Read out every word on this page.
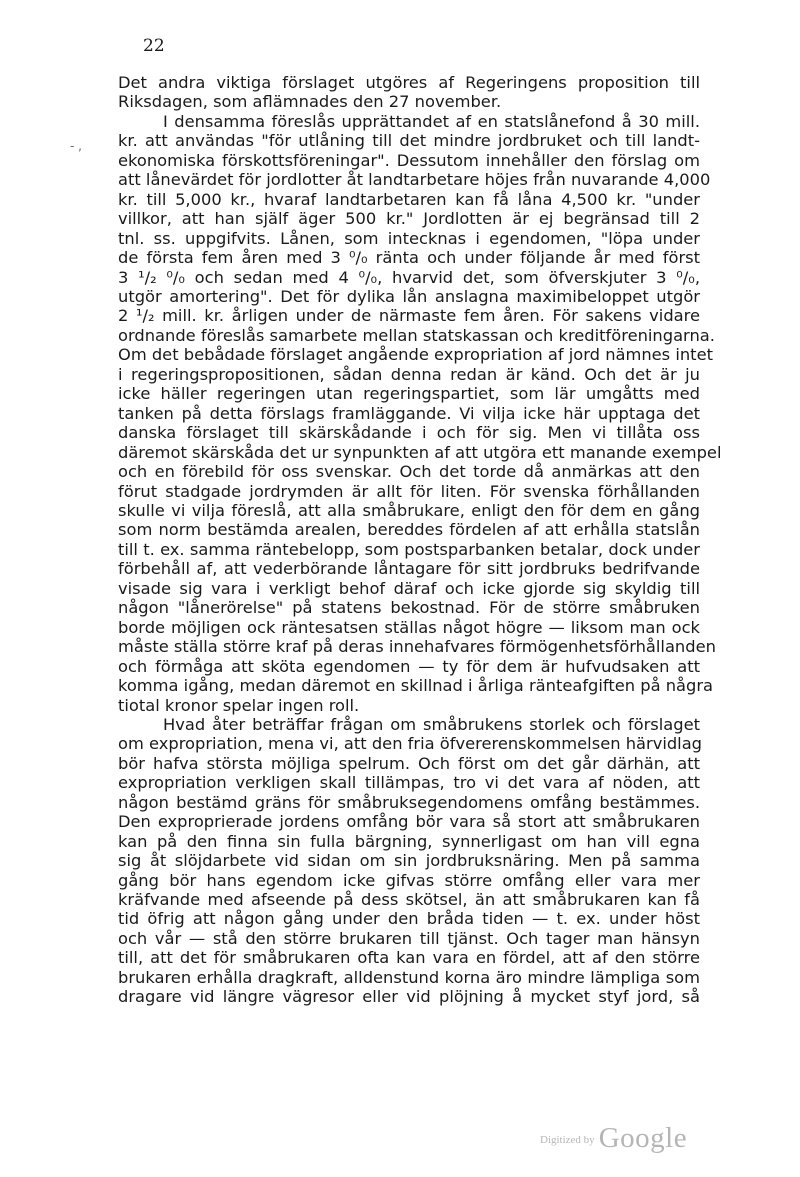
22
- ,
Det andra viktiga förslaget utgöres af Regeringens proposition till
Riksdagen, som aflämnades den 27 november.
I densamma föreslås upprättandet af en statslånefond å 30 mill.
kr. att användas "för utlåning till det mindre jordbruket och till landt-
ekonomiska förskottsföreningar". Dessutom innehåller den förslag om
att lånevärdet för jordlotter åt landtarbetare höjes från nuvarande 4,000
kr. till 5,000 kr., hvaraf landtarbetaren kan få låna 4,500 kr. "under
villkor, att han själf äger 500 kr." Jordlotten är ej begränsad till 2
tnl. ss. uppgifvits. Lånen, som intecknas i egendomen, "löpa under
de första fem åren med 3 ⁰/₀ ränta och under följande år med först
3 ¹/₂ ⁰/₀ och sedan med 4 ⁰/₀, hvarvid det, som öfverskjuter 3 ⁰/₀,
utgör amortering". Det för dylika lån anslagna maximibeloppet utgör
2 ¹/₂ mill. kr. årligen under de närmaste fem åren. För sakens vidare
ordnande föreslås samarbete mellan statskassan och kreditföreningarna.
Om det bebådade förslaget angående expropriation af jord nämnes intet
i regeringspropositionen, sådan denna redan är känd. Och det är ju
icke häller regeringen utan regeringspartiet, som lär umgåtts med
tanken på detta förslags framläggande. Vi vilja icke här upptaga det
danska förslaget till skärskådande i och för sig. Men vi tillåta oss
däremot skärskåda det ur synpunkten af att utgöra ett manande exempel
och en förebild för oss svenskar. Och det torde då anmärkas att den
förut stadgade jordrymden är allt för liten. För svenska förhållanden
skulle vi vilja föreslå, att alla småbrukare, enligt den för dem en gång
som norm bestämda arealen, bereddes fördelen af att erhålla statslån
till t. ex. samma räntebelopp, som postsparbanken betalar, dock under
förbehåll af, att vederbörande låntagare för sitt jordbruks bedrifvande
visade sig vara i verkligt behof däraf och icke gjorde sig skyldig till
någon "lånerörelse" på statens bekostnad. För de större småbruken
borde möjligen ock räntesatsen ställas något högre — liksom man ock
måste ställa större kraf på deras innehafvares förmögenhetsförhållanden
och förmåga att sköta egendomen — ty för dem är hufvudsaken att
komma igång, medan däremot en skillnad i årliga ränteafgiften på några
tiotal kronor spelar ingen roll.
Hvad åter beträffar frågan om småbrukens storlek och förslaget
om expropriation, mena vi, att den fria öfvererenskommelsen härvidlag
bör hafva största möjliga spelrum. Och först om det går därhän, att
expropriation verkligen skall tillämpas, tro vi det vara af nöden, att
någon bestämd gräns för småbruksegendomens omfång bestämmes.
Den exproprierade jordens omfång bör vara så stort att småbrukaren
kan på den finna sin fulla bärgning, synnerligast om han vill egna
sig åt slöjdarbete vid sidan om sin jordbruksnäring. Men på samma
gång bör hans egendom icke gifvas större omfång eller vara mer
kräfvande med afseende på dess skötsel, än att småbrukaren kan få
tid öfrig att någon gång under den bråda tiden — t. ex. under höst
och vår — stå den större brukaren till tjänst. Och tager man hänsyn
till, att det för småbrukaren ofta kan vara en fördel, att af den större
brukaren erhålla dragkraft, alldenstund korna äro mindre lämpliga som
dragare vid längre vägresor eller vid plöjning å mycket styf jord, så
$^{Digitized by}$ Google
